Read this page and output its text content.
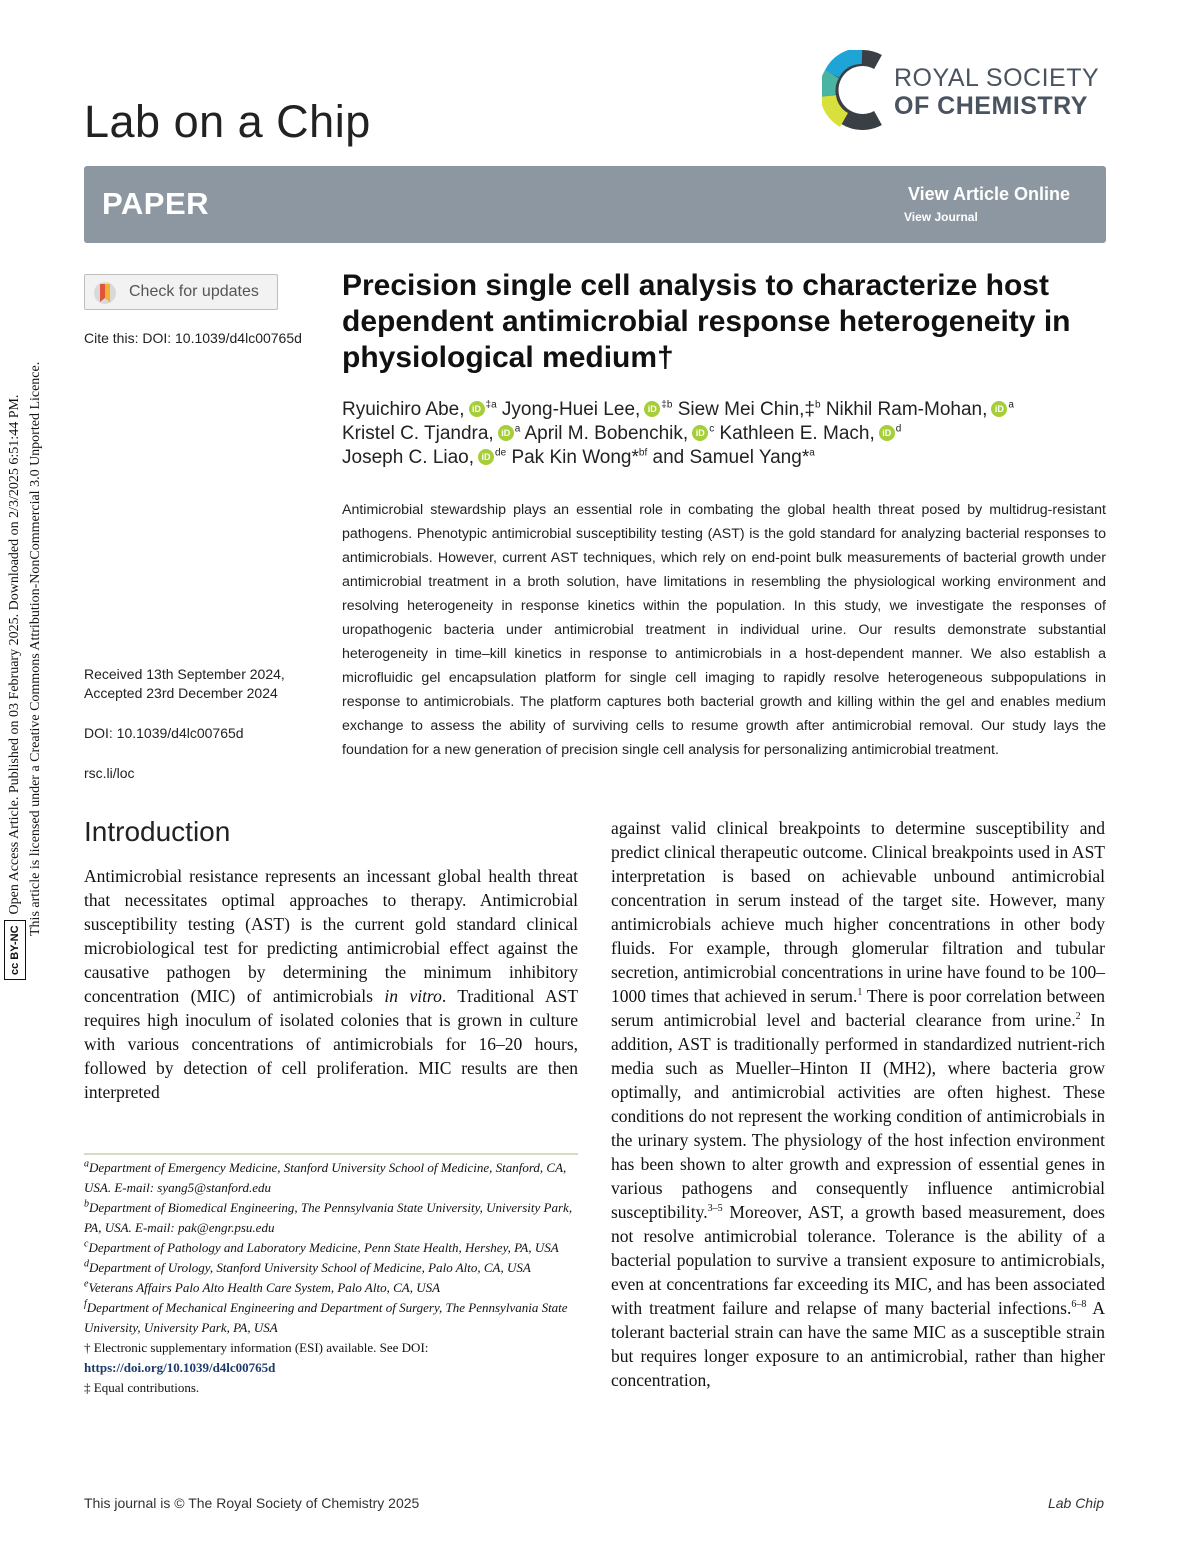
cc BY-NCOpen Access Article. Published on 03 February 2025. Downloaded on 2/3/2025 6:51:44 PM. This article is licensed under a Creative Commons Attribution-NonCommercial 3.0 Unported Licence.
Lab on a Chip
ROYAL SOCIETY
OF CHEMISTRY
PAPER	View Article Online
View Journal
Check for updates
Cite this: DOI: 10.1039/d4lc00765d
Received 13th September 2024,
Accepted 23rd December 2024
DOI: 10.1039/d4lc00765d
rsc.li/loc
Precision single cell analysis to characterize host dependent antimicrobial response heterogeneity in physiological medium†
Ryuichiro Abe, iD $^{\ddagger a}$ Jyong-Huei Lee, iD $^{\ddagger b}$ Siew Mei Chin,‡$^b$ Nikhil Ram-Mohan, iD $^a$
Kristel C. Tjandra, iD $^a$ April M. Bobenchik, iD $^c$ Kathleen E. Mach, iD $^d$
Joseph C. Liao, iD $^{de}$ Pak Kin Wong*$^{bf}$ and Samuel Yang*$^a$
Antimicrobial stewardship plays an essential role in combating the global health threat posed by multidrug-resistant pathogens. Phenotypic antimicrobial susceptibility testing (AST) is the gold standard for analyzing bacterial responses to antimicrobials. However, current AST techniques, which rely on end-point bulk measurements of bacterial growth under antimicrobial treatment in a broth solution, have limitations in resembling the physiological working environment and resolving heterogeneity in response kinetics within the population. In this study, we investigate the responses of uropathogenic bacteria under antimicrobial treatment in individual urine. Our results demonstrate substantial heterogeneity in time–kill kinetics in response to antimicrobials in a host-dependent manner. We also establish a microfluidic gel encapsulation platform for single cell imaging to rapidly resolve heterogeneous subpopulations in response to antimicrobials. The platform captures both bacterial growth and killing within the gel and enables medium exchange to assess the ability of surviving cells to resume growth after antimicrobial removal. Our study lays the foundation for a new generation of precision single cell analysis for personalizing antimicrobial treatment.
Introduction
Antimicrobial resistance represents an incessant global health threat that necessitates optimal approaches to therapy. Antimicrobial susceptibility testing (AST) is the current gold standard clinical microbiological test for predicting antimicrobial effect against the causative pathogen by determining the minimum inhibitory concentration (MIC) of antimicrobials in vitro. Traditional AST requires high inoculum of isolated colonies that is grown in culture with various concentrations of antimicrobials for 16–20 hours, followed by detection of cell proliferation. MIC results are then interpreted
against valid clinical breakpoints to determine susceptibility and predict clinical therapeutic outcome. Clinical breakpoints used in AST interpretation is based on achievable unbound antimicrobial concentration in serum instead of the target site. However, many antimicrobials achieve much higher concentrations in other body fluids. For example, through glomerular filtration and tubular secretion, antimicrobial concentrations in urine have found to be 100–1000 times that achieved in serum.$^1$ There is poor correlation between serum antimicrobial level and bacterial clearance from urine.$^2$ In addition, AST is traditionally performed in standardized nutrient-rich media such as Mueller–Hinton II (MH2), where bacteria grow optimally, and antimicrobial activities are often highest. These conditions do not represent the working condition of antimicrobials in the urinary system. The physiology of the host infection environment has been shown to alter growth and expression of essential genes in various pathogens and consequently influence antimicrobial susceptibility.$^{3-5}$ Moreover, AST, a growth based measurement, does not resolve antimicrobial tolerance. Tolerance is the ability of a bacterial population to survive a transient exposure to antimicrobials, even at concentrations far exceeding its MIC, and has been associated with treatment failure and relapse of many bacterial infections.$^{6-8}$ A tolerant bacterial strain can have the same MIC as a susceptible strain but requires longer exposure to an antimicrobial, rather than higher concentration,
$^a$Department of Emergency Medicine, Stanford University School of Medicine, Stanford, CA, USA. E-mail: syang5@stanford.edu
$^b$Department of Biomedical Engineering, The Pennsylvania State University, University Park, PA, USA. E-mail: pak@engr.psu.edu
$^c$Department of Pathology and Laboratory Medicine, Penn State Health, Hershey, PA, USA
$^d$Department of Urology, Stanford University School of Medicine, Palo Alto, CA, USA
$^e$Veterans Affairs Palo Alto Health Care System, Palo Alto, CA, USA
$^f$Department of Mechanical Engineering and Department of Surgery, The Pennsylvania State University, University Park, PA, USA
† Electronic supplementary information (ESI) available. See DOI: https://doi.org/10.1039/d4lc00765d
‡ Equal contributions.
This journal is © The Royal Society of Chemistry 2025	Lab Chip
